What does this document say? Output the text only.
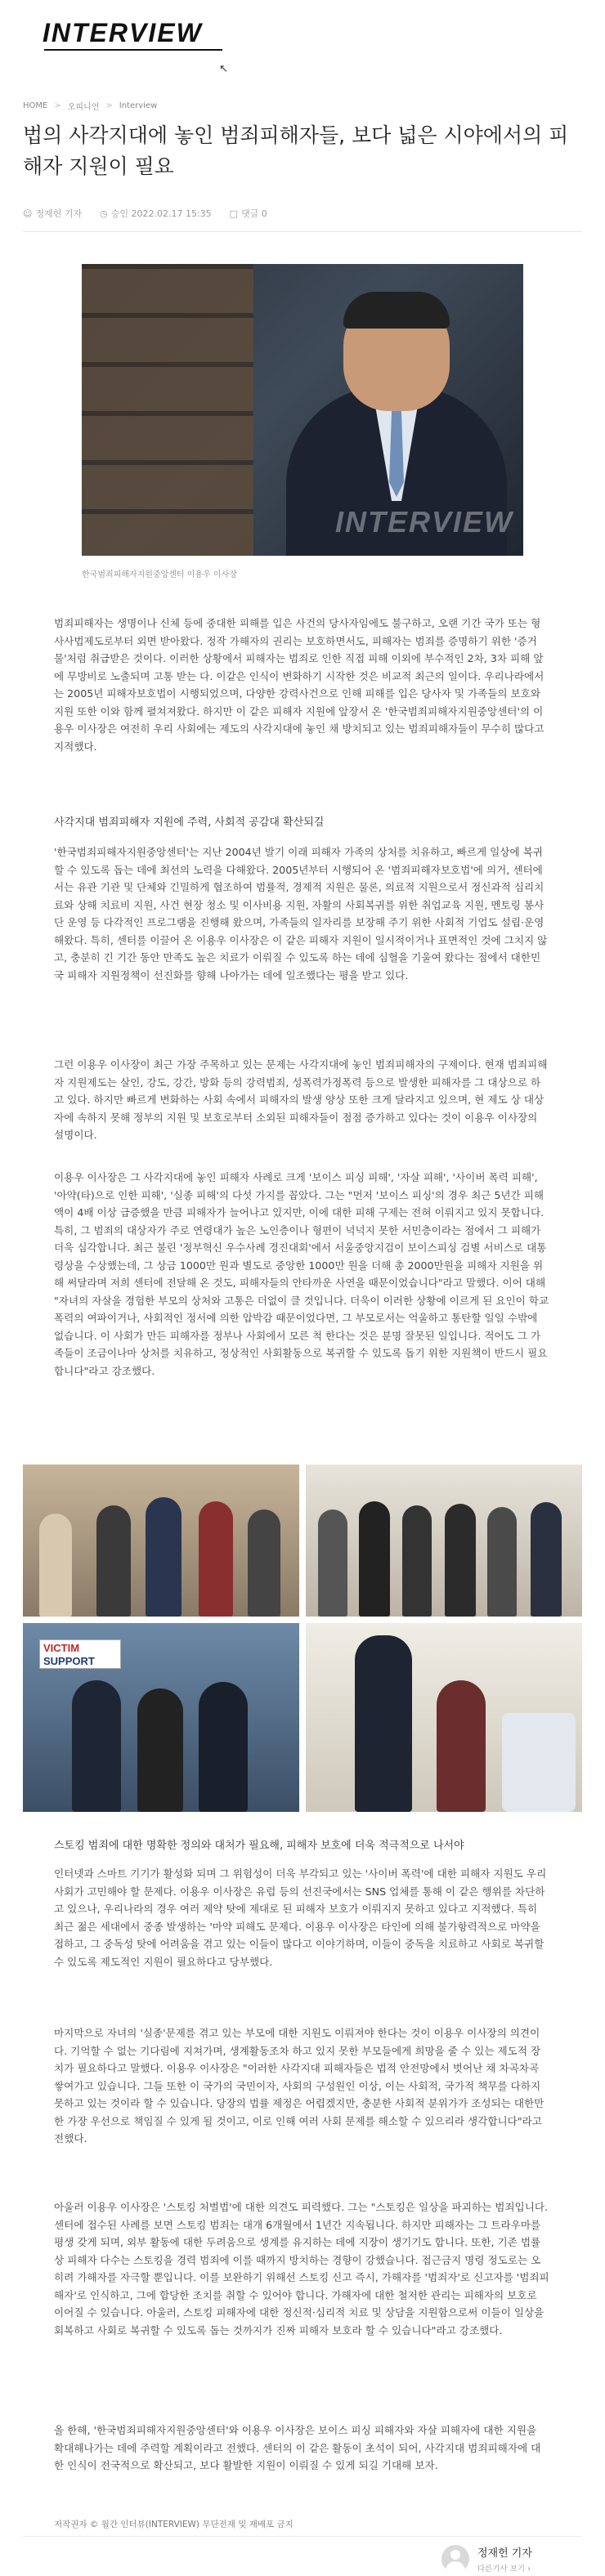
INTERVIEW
↖
HOME > 오피니언 > Interview
법의 사각지대에 놓인 범죄피해자들, 보다 넓은 시야에서의 피해자 지원이 필요
☺ 정재헌 기자 ◷ 승인 2022.02.17 15:35 □ 댓글 0
INTERVIEW
한국범죄피해자지원중앙센터 이용우 이사장

범죄피해자는 생명이나 신체 등에 중대한 피해를 입은 사건의 당사자임에도 불구하고, 오랜 기간 국가 또는 형사사법제도로부터 외면 받아왔다. 정작 가해자의 권리는 보호하면서도, 피해자는 범죄를 증명하기 위한 '증거물'처럼 취급받은 것이다. 이러한 상황에서 피해자는 범죄로 인한 직접 피해 이외에 부수적인 2차, 3차 피해 앞에 무방비로 노출되며 고통 받는 다. 이같은 인식이 변화하기 시작한 것은 비교적 최근의 일이다. 우리나라에서는 2005년 피해자보호법이 시행되었으며, 다양한 강력사건으로 인해 피해를 입은 당사자 및 가족들의 보호와 지원 또한 이와 함께 펼쳐져왔다. 하지만 이 같은 피해자 지원에 앞장서 온 '한국범죄피해자지원중앙센터'의 이용우 이사장은 여전히 우리 사회에는 제도의 사각지대에 놓인 채 방치되고 있는 범죄피해자들이 무수히 많다고 지적했다.

사각지대 범죄피해자 지원에 주력, 사회적 공감대 확산되길

'한국범죄피해자지원중앙센터'는 지난 2004년 발기 이래 피해자 가족의 상처를 치유하고, 빠르게 일상에 복귀할 수 있도록 돕는 데에 최선의 노력을 다해왔다. 2005년부터 시행되어 온 '범죄피해자보호법'에 의거, 센터에서는 유관 기관 및 단체와 긴밀하게 협조하여 범률적, 경제적 지원은 물론, 의료적 지원으로서 정신과적 심리치료와 상해 치료비 지원, 사건 현장 청소 및 이사비용 지원, 자활의 사회복귀를 위한 취업교육 지원, 멘토링 봉사단 운영 등 다각적인 프로그램을 진행해 왔으며, 가족들의 일자리를 보장해 주기 위한 사회적 기업도 설립·운영해왔다. 특히, 센터를 이끌어 온 이용우 이사장은 이 같은 피해자 지원이 일시적이거나 표면적인 것에 그치지 않고, 충분히 긴 기간 동안 만족도 높은 치료가 이뤄질 수 있도록 하는 데에 심혈을 기울여 왔다는 점에서 대한민국 피해자 지원정책이 선진화를 향해 나아가는 데에 일조했다는 평을 받고 있다.

그런 이용우 이사장이 최근 가장 주목하고 있는 문제는 사각지대에 놓인 범죄피해자의 구제이다. 현재 범죄피해자 지원제도는 살인, 강도, 강간, 방화 등의 강력범죄, 성폭력가정폭력 등으로 발생한 피해자를 그 대상으로 하고 있다. 하지만 빠르게 변화하는 사회 속에서 피해자의 발생 양상 또한 크게 달라지고 있으며, 현 제도 상 대상자에 속하지 못해 정부의 지원 및 보호로부터 소외된 피해자들이 점점 증가하고 있다는 것이 이용우 이사장의 설명이다.

이용우 이사장은 그 사각지대에 놓인 피해자 사례로 크게 '보이스 피싱 피해', '자살 피해', '사이버 폭력 피해', '아약(타)으로 인한 피해', '실종 피해'의 다섯 가지를 꼽았다. 그는 "먼저 '보이스 피싱'의 경우 최근 5년간 피해액이 4배 이상 급증했을 만큼 피해자가 늘어나고 있지만, 이에 대한 피해 구제는 전혀 이뤄지고 있지 못합니다. 특히, 그 범죄의 대상자가 주로 연령대가 높은 노인층이나 형편이 넉넉지 못한 서민층이라는 점에서 그 피해가 더욱 심각합니다. 최근 불린 '정부혁신 우수사례 경진대회'에서 서울중앙지검이 보이스피싱 검별 서비스로 대통령상을 수상했는데, 그 상금 1000만 원과 별도로 중앙한 1000만 원을 더해 총 2000만원을 피해자 지원을 위해 써달라며 저희 센터에 전달해 온 것도, 피해자들의 안타까운 사연을 때문이었습니다"라고 말했다. 이어 대해 "자녀의 자살을 경험한 부모의 상처와 고통은 더없이 클 것입니다. 더욱이 이러한 상황에 이르게 된 요인이 학교 폭력의 여파이거나, 사회적인 정서에 의한 압박감 때문이었다면, 그 부모로서는 억울하고 통탄할 일일 수밖에 없습니다. 이 사회가 만든 피해자를 정부나 사회에서 모른 척 한다는 것은 분명 잘못된 일입니다. 적어도 그 가족들이 조금이나마 상처를 치유하고, 정상적인 사회활동으로 복귀할 수 있도록 돕기 위한 지원책이 반드시 필요합니다"라고 강조했다.

VICTIM
SUPPORT
스토킹 범죄에 대한 명확한 정의와 대처가 필요해, 피해자 보호에 더욱 적극적으로 나서야

인터넷과 스마트 기기가 활성화 되며 그 위험성이 더욱 부각되고 있는 '사이버 폭력'에 대한 피해자 지원도 우리 사회가 고민해야 할 문제다. 이용우 이사장은 유럽 등의 선진국에서는 SNS 업체를 통해 이 같은 행위를 차단하고 있으나, 우리나라의 경우 여러 제약 탓에 제대로 된 피해자 보호가 이뤄지지 못하고 있다고 지적했다. 특히 최근 젊은 세대에서 중종 발생하는 '마약 피해도 문제다. 이용우 이사장은 타인에 의해 불가항력적으로 마약을 접하고, 그 중독성 탓에 어려움을 겪고 있는 이들이 많다고 이야기하며, 이들이 중독을 치료하고 사회로 복귀할 수 있도록 제도적인 지원이 필요하다고 당부했다.

마지막으로 자녀의 '실종'문제를 겪고 있는 부모에 대한 지원도 이뤄져야 한다는 것이 이용우 이사장의 의견이다. 기억할 수 없는 기다림에 지쳐가며, 생계활동조차 하고 있지 못한 부모들에게 희망을 줄 수 있는 제도적 장치가 필요하다고 말했다. 이용우 이사장은 "이러한 사각지대 피해자들은 법적 안전망에서 벗어난 채 차곡차곡 쌓여가고 있습니다. 그들 또한 이 국가의 국민이자, 사회의 구성원인 이상, 이는 사회적, 국가적 책무를 다하지 못하고 있는 것이라 할 수 있습니다. 당장의 법률 제정은 어렵겠지만, 충분한 사회적 분위가가 조성되는 대한만한 가장 우선으로 책임질 수 있게 될 것이고, 이로 인해 여러 사회 문제를 해소할 수 있으리라 생각합니다"라고 전했다.

아울러 이용우 이사장은 '스토킹 처벌법'에 대한 의견도 피력했다. 그는 "스토킹은 일상을 파괴하는 범죄입니다. 센터에 접수된 사례를 보면 스토킹 범죄는 대개 6개월에서 1년간 지속됩니다. 하지만 피해자는 그 트라우마를 평생 갖게 되며, 외부 활동에 대한 두려움으로 생계를 유지하는 데에 지장이 생기기도 합니다. 또한, 기존 법률 상 피해자 다수는 스토킹을 경력 범죄에 이를 때까지 방치하는 경향이 강했습니다. 접근금지 명령 정도로는 오히려 가해자를 자극할 뿐입니다. 이를 보완하기 위해선 스토킹 신고 즉시, 가해자를 '범죄자'로 신고자를 '범죄피해자'로 인식하고, 그에 합당한 조치를 취할 수 있어야 합니다. 가해자에 대한 철저한 관리는 피해자의 보호로 이어질 수 있습니다. 아울러, 스토킹 피해자에 대한 정신적·심리적 치료 및 상담을 지원함으로써 이들이 일상을 회복하고 사회로 복귀할 수 있도록 돕는 것까지가 진짜 피해자 보호라 할 수 있습니다"라고 강조했다.

올 한해, '한국범죄피해자지원중앙센터'와 이용우 이사장은 보이스 피싱 피해자와 자살 피해자에 대한 지원을 확대해나가는 데에 주력할 계획이라고 전했다. 센터의 이 같은 활동이 초석이 되어, 사각지대 범죄피해자에 대한 인식이 전국적으로 확산되고, 보다 활발한 지원이 이뤄질 수 있게 되길 기대해 보자.

저작권자 © 월간 인터뷰(INTERVIEW) 무단전재 및 재배포 금지
정재헌 기자
다른기사 보기 ›
